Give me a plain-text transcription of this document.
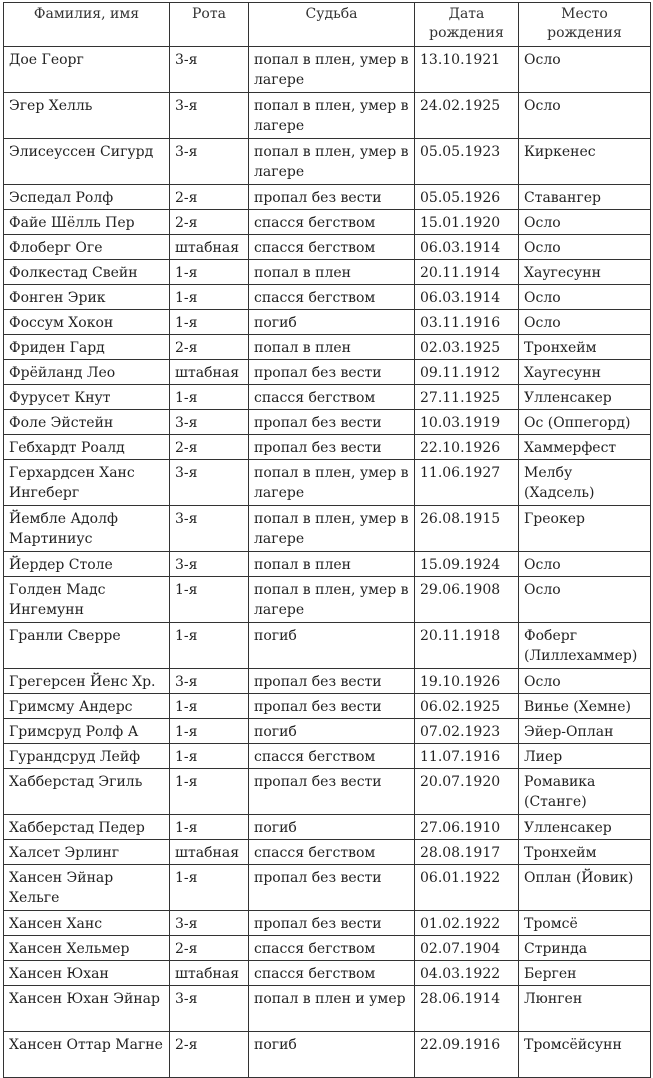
Фамилия, имя	Рота	Судьба	Дата рождения	Место рождения
Дое Георг	3-я	попал в плен, умер в лагере	13.10.1921	Осло
Эгер Хелль	3-я	попал в плен, умер в лагере	24.02.1925	Осло
Элисеуссен Сигурд	3-я	попал в плен, умер в лагере	05.05.1923	Киркенес
Эспедал Ролф	2-я	пропал без вести	05.05.1926	Ставангер
Файе Шёлль Пер	2-я	спасся бегством	15.01.1920	Осло
Флоберг Оге	штабная	спасся бегством	06.03.1914	Осло
Фолкестад Свейн	1-я	попал в плен	20.11.1914	Хаугесунн
Фонген Эрик	1-я	спасся бегством	06.03.1914	Осло
Фоссум Хокон	1-я	погиб	03.11.1916	Осло
Фриден Гард	2-я	попал в плен	02.03.1925	Тронхейм
Фрёйланд Лео	штабная	пропал без вести	09.11.1912	Хаугесунн
Фурусет Кнут	1-я	спасся бегством	27.11.1925	Улленсакер
Фоле Эйстейн	3-я	пропал без вести	10.03.1919	Ос (Оппегорд)
Гебхардт Роалд	2-я	пропал без вести	22.10.1926	Хаммерфест
Герхардсен Ханс Ингеберг	3-я	попал в плен, умер в лагере	11.06.1927	Мелбу (Хадсель)
Йембле Адолф Мартиниус	3-я	попал в плен, умер в лагере	26.08.1915	Греокер
Йердер Столе	3-я	попал в плен	15.09.1924	Осло
Голден Мадс Ингемунн	1-я	попал в плен, умер в лагере	29.06.1908	Осло
Гранли Сверре	1-я	погиб	20.11.1918	Фоберг (Лиллехаммер)
Грегерсен Йенс Хр.	3-я	пропал без вести	19.10.1926	Осло
Гримсму Андерс	1-я	пропал без вести	06.02.1925	Винье (Хемне)
Гримсруд Ролф А	1-я	погиб	07.02.1923	Эйер-Оплан
Гурандсруд Лейф	1-я	спасся бегством	11.07.1916	Лиер
Хабберстад Эгиль	1-я	пропал без вести	20.07.1920	Ромавика (Станге)
Хабберстад Педер	1-я	погиб	27.06.1910	Улленсакер
Халсет Эрлинг	штабная	спасся бегством	28.08.1917	Тронхейм
Хансен Эйнар Хельге	1-я	пропал без вести	06.01.1922	Оплан (Йовик)
Хансен Ханс	3-я	пропал без вести	01.02.1922	Тромсё
Хансен Хельмер	2-я	спасся бегством	02.07.1904	Стринда
Хансен Юхан	штабная	спасся бегством	04.03.1922	Берген
Хансен Юхан Эйнар	3-я	попал в плен и умер	28.06.1914	Люнген
Хансен Оттар Магне	2-я	погиб	22.09.1916	Тромсёйсунн
